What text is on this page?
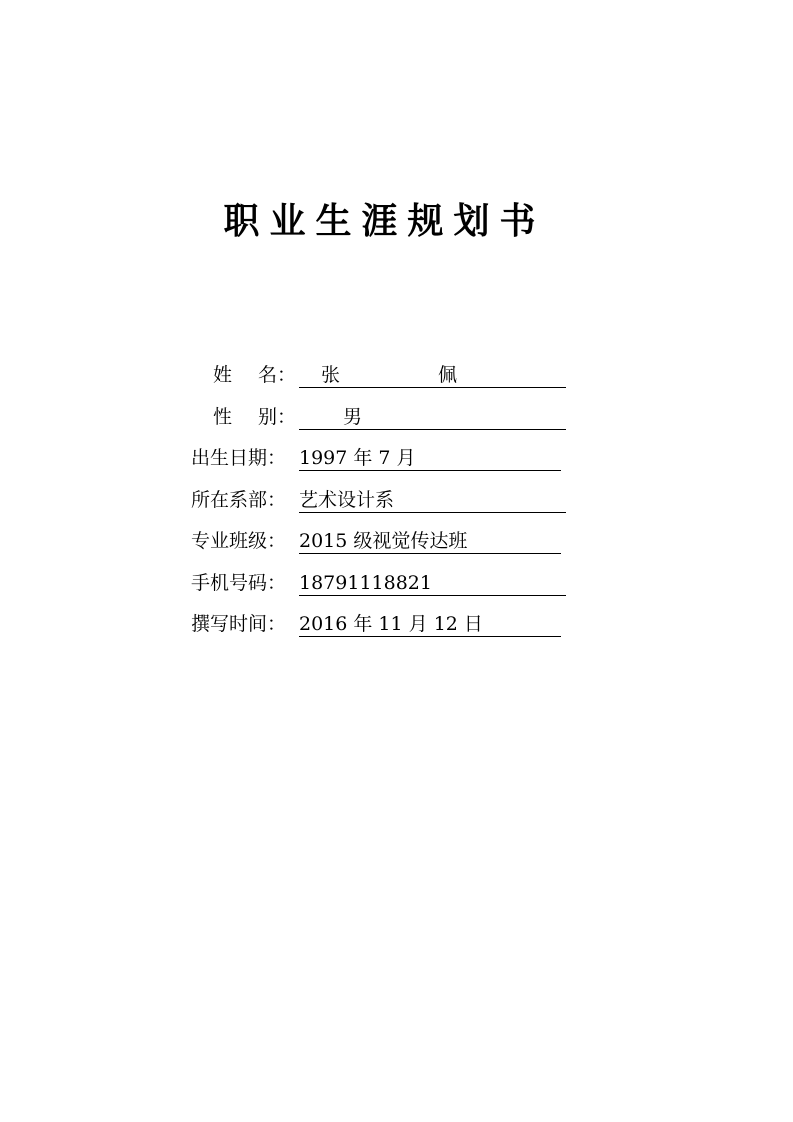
职业生涯规划书
姓 名： 张	佩
性 别： 男
出生日期： 1997 年 7 月
所在系部： 艺术设计系
专业班级： 2015 级视觉传达班
手机号码： 18791118821
撰写时间： 2016 年 11 月 12 日
